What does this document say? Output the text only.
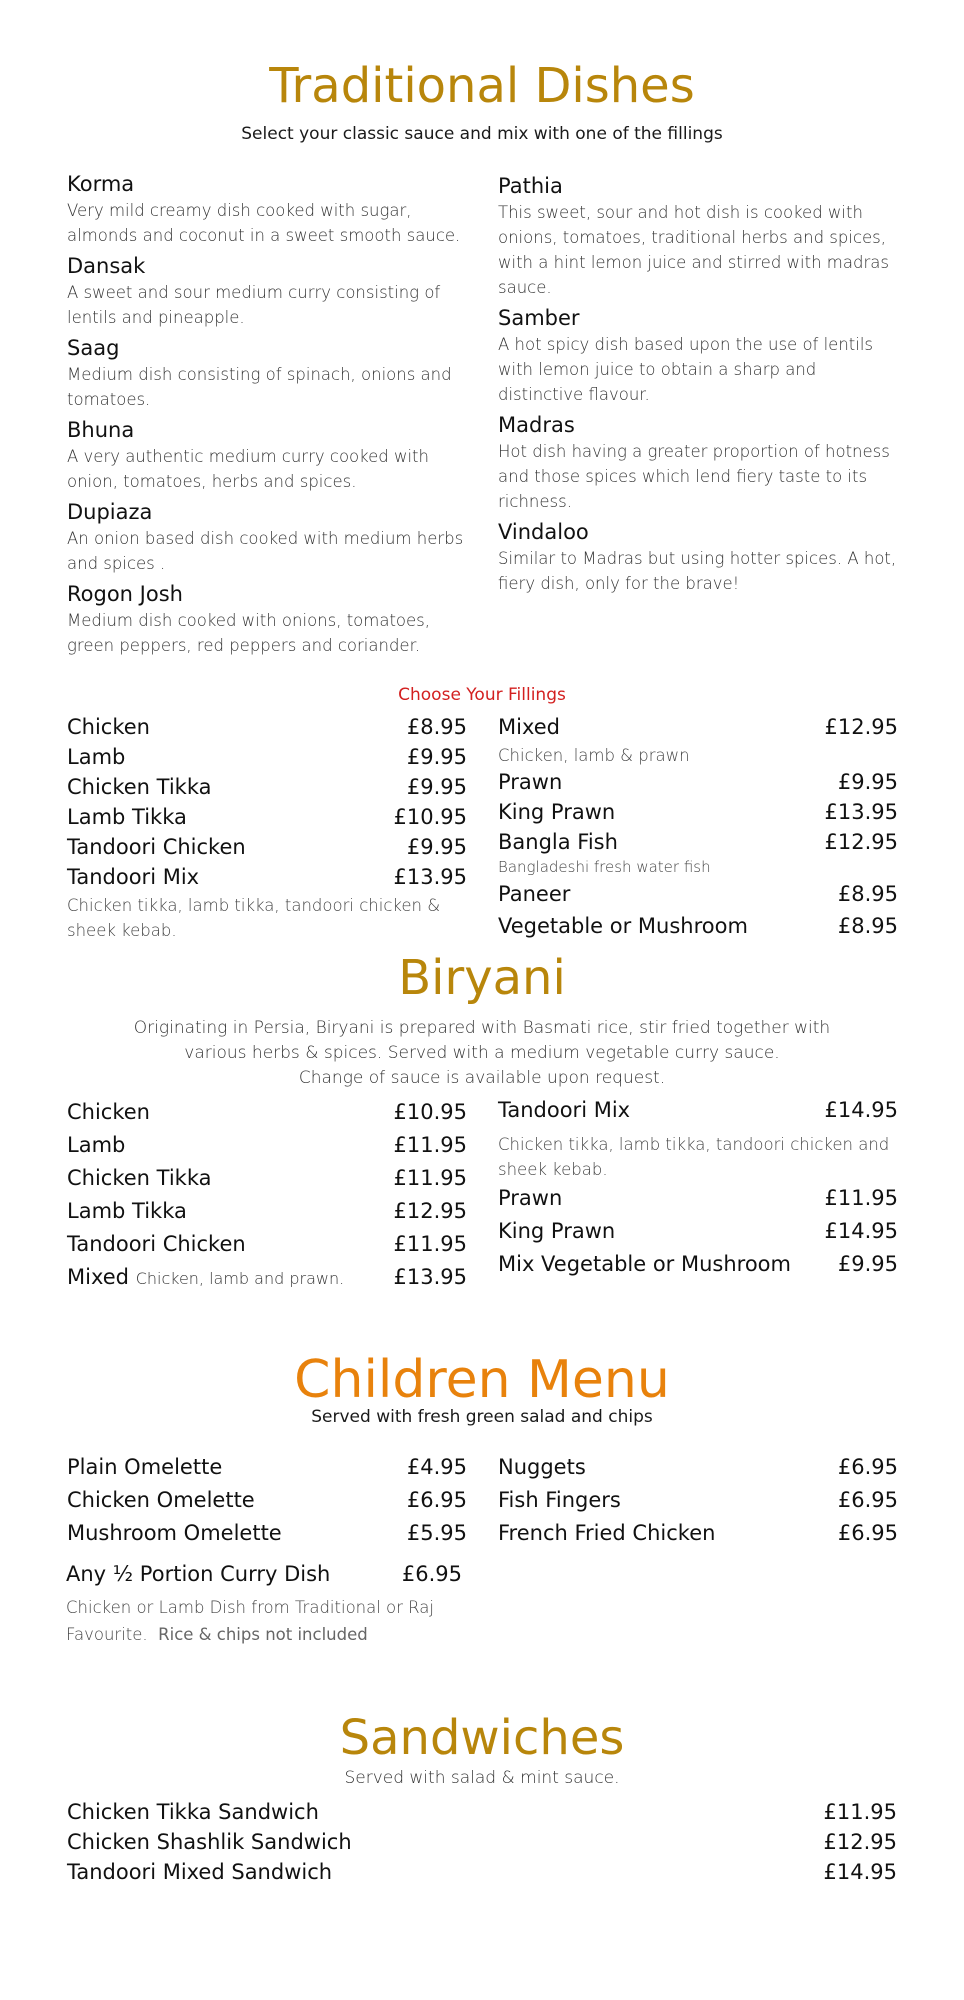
Traditional Dishes
Select your classic sauce and mix with one of the fillings
Korma
Very mild creamy dish cooked with sugar, almonds and coconut in a sweet smooth sauce.
Dansak
A sweet and sour medium curry consisting of lentils and pineapple.
Saag
Medium dish consisting of spinach, onions and tomatoes.
Bhuna
A very authentic medium curry cooked with onion, tomatoes, herbs and spices.
Dupiaza
An onion based dish cooked with medium herbs and spices .
Rogon Josh
Medium dish cooked with onions, tomatoes, green peppers, red peppers and coriander.
Pathia
This sweet, sour and hot dish is cooked with onions, tomatoes, traditional herbs and spices, with a hint lemon juice and stirred with madras sauce.
Samber
A hot spicy dish based upon the use of lentils with lemon juice to obtain a sharp and distinctive flavour.
Madras
Hot dish having a greater proportion of hotness and those spices which lend fiery taste to its richness.
Vindaloo
Similar to Madras but using hotter spices. A hot, fiery dish, only for the brave!
Choose Your Fillings
Chicken	£8.95
Lamb	£9.95
Chicken Tikka	£9.95
Lamb Tikka	£10.95
Tandoori Chicken	£9.95
Tandoori Mix	£13.95
Chicken tikka, lamb tikka, tandoori chicken & sheek kebab.
Mixed	£12.95
Chicken, lamb & prawn
Prawn	£9.95
King Prawn	£13.95
Bangla Fish	£12.95
Bangladeshi fresh water fish
Paneer	£8.95
Vegetable or Mushroom	£8.95
Biryani
Originating in Persia, Biryani is prepared with Basmati rice, stir fried together with
various herbs & spices. Served with a medium vegetable curry sauce.
Change of sauce is available upon request.
Chicken	£10.95
Lamb	£11.95
Chicken Tikka	£11.95
Lamb Tikka	£12.95
Tandoori Chicken	£11.95
Mixed Chicken, lamb and prawn. £13.95
Tandoori Mix	£14.95
Chicken tikka, lamb tikka, tandoori chicken and sheek kebab.
Prawn	£11.95
King Prawn	£14.95
Mix Vegetable or Mushroom £9.95
Children Menu
Served with fresh green salad and chips
Plain Omelette	£4.95
Chicken Omelette	£6.95
Mushroom Omelette	£5.95
Any ½ Portion Curry Dish	£6.95
Chicken or Lamb Dish from Traditional or Raj
Favourite. Rice & chips not included
Nuggets	£6.95
Fish Fingers	£6.95
French Fried Chicken	£6.95
Sandwiches
Served with salad & mint sauce.
Chicken Tikka Sandwich	£11.95
Chicken Shashlik Sandwich	£12.95
Tandoori Mixed Sandwich	£14.95
